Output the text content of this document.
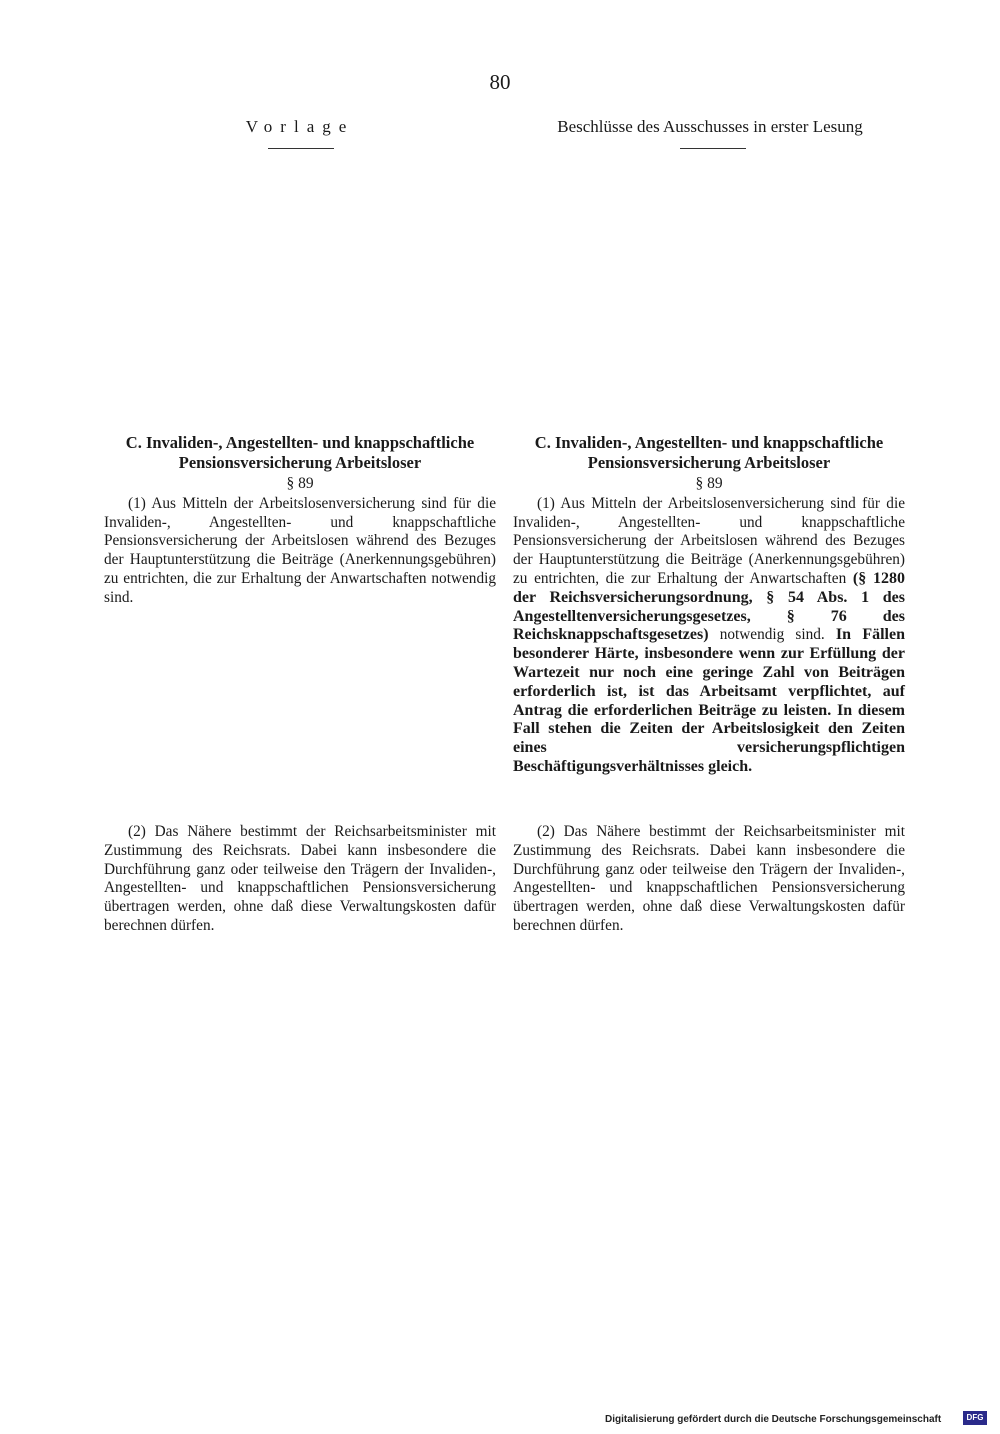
80
Vorlage	Beschlüsse des Ausschusses in erster Lesung
C. Invaliden-, Angestellten- und knappschaftliche
Pensionsversicherung Arbeitsloser
§ 89

(1) Aus Mitteln der Arbeitslosenversicherung sind für die Invaliden-, Angestellten- und knappschaftliche Pensionsversicherung der Arbeitslosen während des Bezuges der Hauptunterstützung die Beiträge (Anerkennungsgebühren) zu entrichten, die zur Erhaltung der Anwartschaften notwendig sind.

(2) Das Nähere bestimmt der Reichsarbeitsminister mit Zustimmung des Reichsrats. Dabei kann insbesondere die Durchführung ganz oder teilweise den Trägern der Invaliden-, Angestellten- und knappschaftlichen Pensionsversicherung übertragen werden, ohne daß diese Verwaltungskosten dafür berechnen dürfen.

C. Invaliden-, Angestellten- und knappschaftliche
Pensionsversicherung Arbeitsloser
§ 89

(1) Aus Mitteln der Arbeitslosenversicherung sind für die Invaliden-, Angestellten- und knappschaftliche Pensionsversicherung der Arbeitslosen während des Bezuges der Hauptunterstützung die Beiträge (Anerkennungsgebühren) zu entrichten, die zur Erhaltung der Anwartschaften (§ 1280 der Reichsversicherungsordnung, § 54 Abs. 1 des Angestelltenversicherungsgesetzes, § 76 des Reichsknappschaftsgesetzes) notwendig sind. In Fällen besonderer Härte, insbesondere wenn zur Erfüllung der Wartezeit nur noch eine geringe Zahl von Beiträgen erforderlich ist, ist das Arbeitsamt verpflichtet, auf Antrag die erforderlichen Beiträge zu leisten. In diesem Fall stehen die Zeiten der Arbeitslosigkeit den Zeiten eines versicherungspflichtigen Beschäftigungsverhältnisses gleich.

(2) Das Nähere bestimmt der Reichsarbeitsminister mit Zustimmung des Reichsrats. Dabei kann insbesondere die Durchführung ganz oder teilweise den Trägern der Invaliden-, Angestellten- und knappschaftlichen Pensionsversicherung übertragen werden, ohne daß diese Verwaltungskosten dafür berechnen dürfen.

Digitalisierung gefördert durch die Deutsche Forschungsgemeinschaft	DFG
